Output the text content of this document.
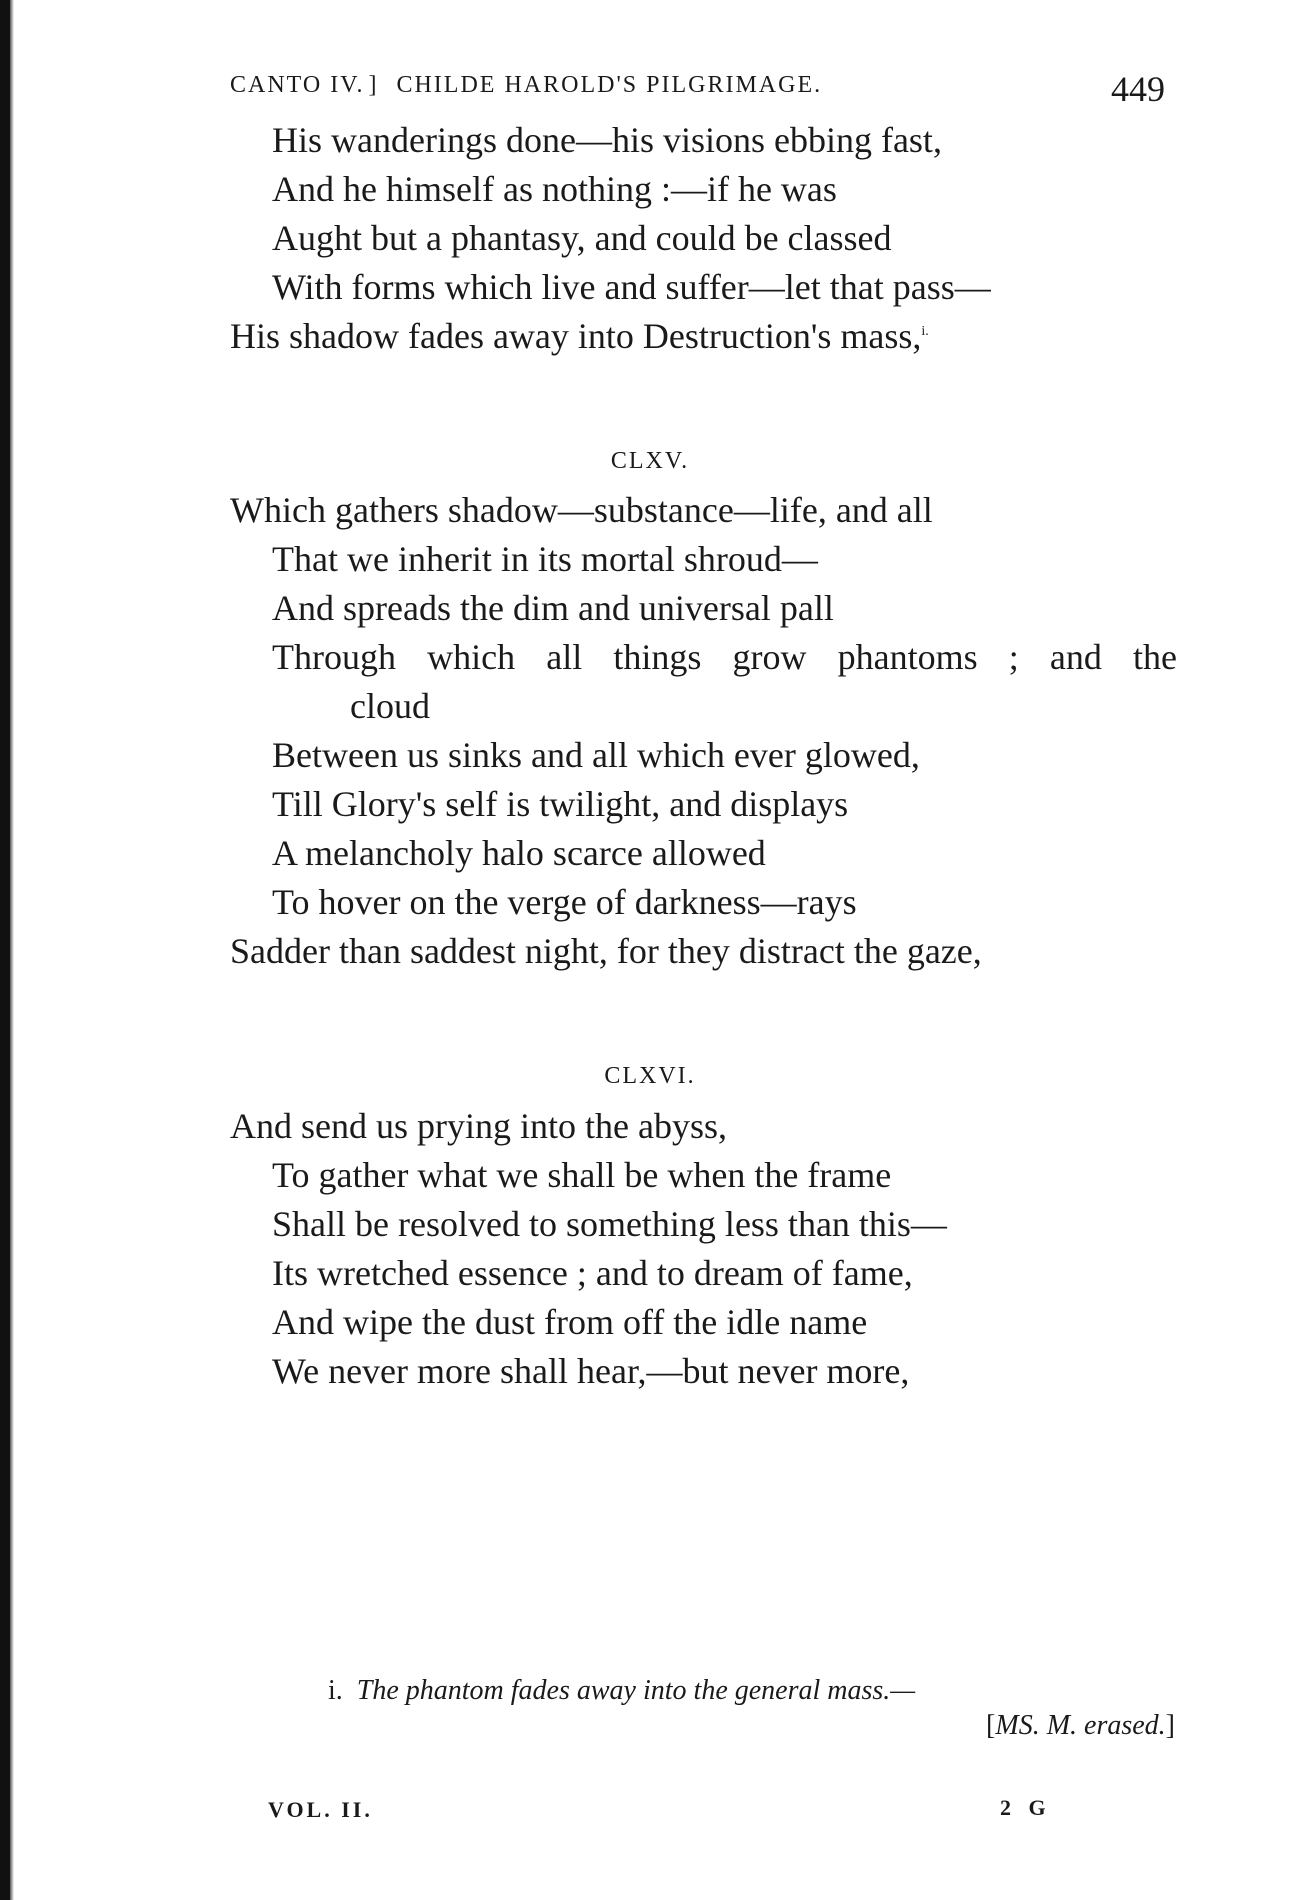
CANTO IV. ] CHILDE HAROLD'S PILGRIMAGE.	449
His wanderings done—his visions ebbing fast,
And he himself as nothing :—if he was
Aught but a phantasy, and could be classed
With forms which live and suffer—let that pass—
His shadow fades away into Destruction's mass,$^{i.}$
CLXV.
Which gathers shadow—substance—life, and all
That we inherit in its mortal shroud—
And spreads the dim and universal pall
Through which all things grow phantoms ; and the
cloud
Between us sinks and all which ever glowed,
Till Glory's self is twilight, and displays
A melancholy halo scarce allowed
To hover on the verge of darkness—rays
Sadder than saddest night, for they distract the gaze,
CLXVI.
And send us prying into the abyss,
To gather what we shall be when the frame
Shall be resolved to something less than this—
Its wretched essence ; and to dream of fame,
And wipe the dust from off the idle name
We never more shall hear,—but never more,
i. The phantom fades away into the general mass.—
[MS. M. erased.]
VOL. II.	2 G
